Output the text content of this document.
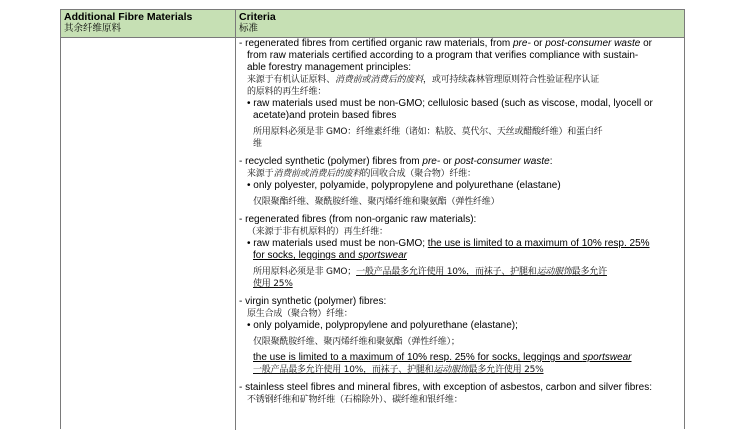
Additional Fibre Materials
其余纤维原料
Criteria
标准
- regenerated fibres from certified organic raw materials, from pre- or post-consumer waste or
from raw materials certified according to a program that verifies compliance with sustain-
able forestry management principles:
来源于有机认证原料、消费前或消费后的废料，或可持续森林管理原则符合性验证程序认证
的原料的再生纤维：
• raw materials used must be non-GMO; cellulosic based (such as viscose, modal, lyocell or
acetate)and protein based fibres
所用原料必须是非 GMO：纤维素纤维（诸如：粘胶、莫代尔、天丝或醋酸纤维）和蛋白纤
维
- recycled synthetic (polymer) fibres from pre- or post-consumer waste:
来源于消费前或消费后的废料的回收合成（聚合物）纤维：
• only polyester, polyamide, polypropylene and polyurethane (elastane)
仅限聚酯纤维、聚酰胺纤维、聚丙烯纤维和聚氨酯（弹性纤维）
- regenerated fibres (from non-organic raw materials):
（来源于非有机原料的）再生纤维：
• raw materials used must be non-GMO; the use is limited to a maximum of 10% resp. 25%
for socks, leggings and sportswear
所用原料必须是非 GMO；一般产品最多允许使用 10%，而袜子、护腿和运动服饰最多允许
使用 25%
- virgin synthetic (polymer) fibres:
原生合成（聚合物）纤维：
• only polyamide, polypropylene and polyurethane (elastane);
仅限聚酰胺纤维、聚丙烯纤维和聚氨酯（弹性纤维）；
the use is limited to a maximum of 10% resp. 25% for socks, leggings and sportswear
一般产品最多允许使用 10%，而袜子、护腿和运动服饰最多允许使用 25%
- stainless steel fibres and mineral fibres, with exception of asbestos, carbon and silver fibres:
不锈钢纤维和矿物纤维（石棉除外）、碳纤维和银纤维：
